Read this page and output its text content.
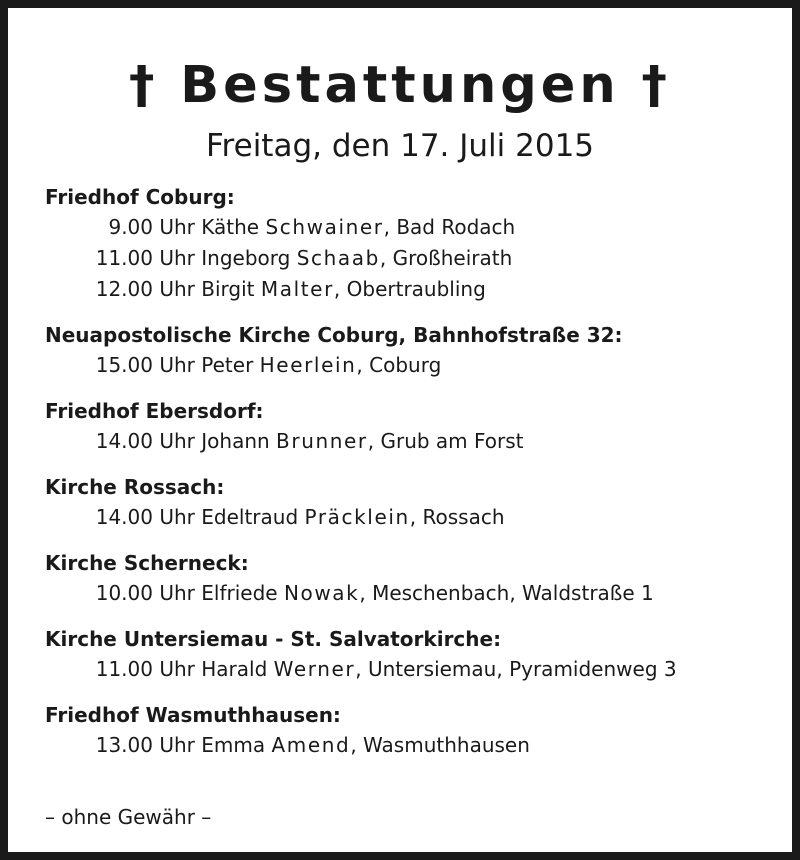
† Bestattungen †
Freitag, den 17. Juli 2015
Friedhof Coburg:
9.00 Uhr Käthe Schwainer, Bad Rodach
11.00 Uhr Ingeborg Schaab, Großheirath
12.00 Uhr Birgit Malter, Obertraubling
Neuapostolische Kirche Coburg, Bahnhofstraße 32:
15.00 Uhr Peter Heerlein, Coburg
Friedhof Ebersdorf:
14.00 Uhr Johann Brunner, Grub am Forst
Kirche Rossach:
14.00 Uhr Edeltraud Präcklein, Rossach
Kirche Scherneck:
10.00 Uhr Elfriede Nowak, Meschenbach, Waldstraße 1
Kirche Untersiemau - St. Salvatorkirche:
11.00 Uhr Harald Werner, Untersiemau, Pyramidenweg 3
Friedhof Wasmuthhausen:
13.00 Uhr Emma Amend, Wasmuthhausen
– ohne Gewähr –
